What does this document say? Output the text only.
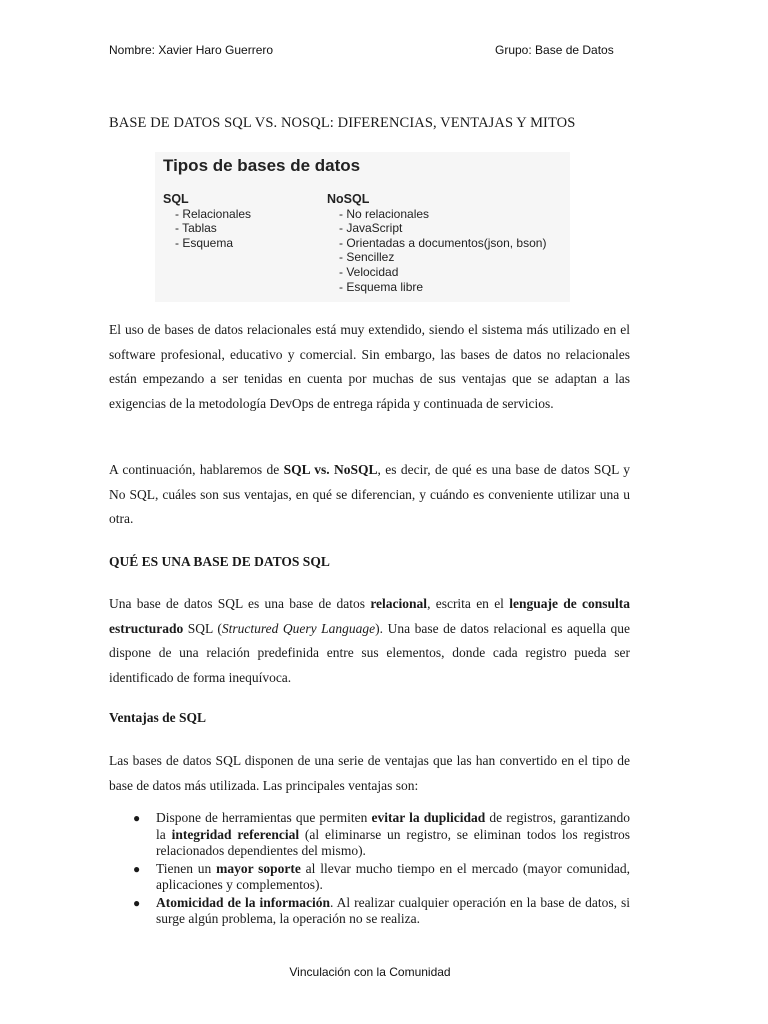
Nombre: Xavier Haro Guerrero	Grupo: Base de Datos
BASE DE DATOS SQL VS. NOSQL: DIFERENCIAS, VENTAJAS Y MITOS
Tipos de bases de datos
SQL
- Relacionales
- Tablas
- Esquema
NoSQL
- No relacionales
- JavaScript
- Orientadas a documentos(json, bson)
- Sencillez
- Velocidad
- Esquema libre

El uso de bases de datos relacionales está muy extendido, siendo el sistema más utilizado en el software profesional, educativo y comercial. Sin embargo, las bases de datos no relacionales están empezando a ser tenidas en cuenta por muchas de sus ventajas que se adaptan a las exigencias de la metodología DevOps de entrega rápida y continuada de servicios.

A continuación, hablaremos de SQL vs. NoSQL, es decir, de qué es una base de datos SQL y No SQL, cuáles son sus ventajas, en qué se diferencian, y cuándo es conveniente utilizar una u otra.

QUÉ ES UNA BASE DE DATOS SQL

Una base de datos SQL es una base de datos relacional, escrita en el lenguaje de consulta estructurado SQL (Structured Query Language). Una base de datos relacional es aquella que dispone de una relación predefinida entre sus elementos, donde cada registro pueda ser identificado de forma inequívoca.

Ventajas de SQL

Las bases de datos SQL disponen de una serie de ventajas que las han convertido en el tipo de base de datos más utilizada. Las principales ventajas son:

● Dispone de herramientas que permiten evitar la duplicidad de registros, garantizando la integridad referencial (al eliminarse un registro, se eliminan todos los registros relacionados dependientes del mismo).
● Tienen un mayor soporte al llevar mucho tiempo en el mercado (mayor comunidad, aplicaciones y complementos).
● Atomicidad de la información. Al realizar cualquier operación en la base de datos, si surge algún problema, la operación no se realiza.
Vinculación con la Comunidad
